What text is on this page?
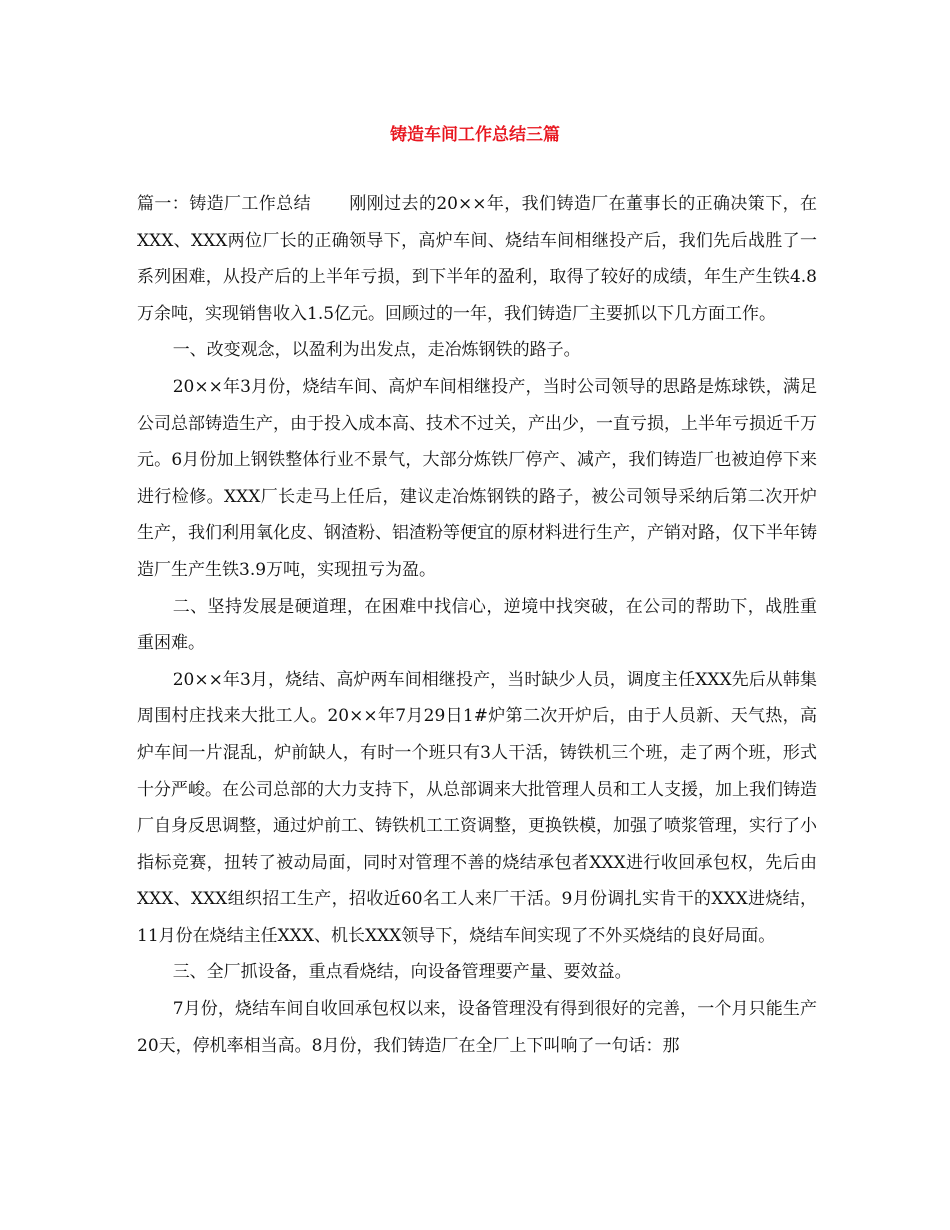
铸造车间工作总结三篇

篇一：铸造厂工作总结 刚刚过去的20××年，我们铸造厂在董事长的正确决策下，在XXX、XXX两位厂长的正确领导下，高炉车间、烧结车间相继投产后，我们先后战胜了一系列困难，从投产后的上半年亏损，到下半年的盈利，取得了较好的成绩，年生产生铁4.8万余吨，实现销售收入1.5亿元。回顾过的一年，我们铸造厂主要抓以下几方面工作。

一、改变观念，以盈利为出发点，走冶炼钢铁的路子。

20××年3月份，烧结车间、高炉车间相继投产，当时公司领导的思路是炼球铁，满足公司总部铸造生产，由于投入成本高、技术不过关，产出少，一直亏损，上半年亏损近千万元。6月份加上钢铁整体行业不景气，大部分炼铁厂停产、减产，我们铸造厂也被迫停下来进行检修。XXX厂长走马上任后，建议走冶炼钢铁的路子，被公司领导采纳后第二次开炉生产，我们利用氧化皮、钢渣粉、铝渣粉等便宜的原材料进行生产，产销对路，仅下半年铸造厂生产生铁3.9万吨，实现扭亏为盈。

二、坚持发展是硬道理，在困难中找信心，逆境中找突破，在公司的帮助下，战胜重重困难。

20××年3月，烧结、高炉两车间相继投产，当时缺少人员，调度主任XXX先后从韩集周围村庄找来大批工人。20××年7月29日1#炉第二次开炉后，由于人员新、天气热，高炉车间一片混乱，炉前缺人，有时一个班只有3人干活，铸铁机三个班，走了两个班，形式十分严峻。在公司总部的大力支持下，从总部调来大批管理人员和工人支援，加上我们铸造厂自身反思调整，通过炉前工、铸铁机工工资调整，更换铁模，加强了喷浆管理，实行了小指标竞赛，扭转了被动局面，同时对管理不善的烧结承包者XXX进行收回承包权，先后由XXX、XXX组织招工生产，招收近60名工人来厂干活。9月份调扎实肯干的XXX进烧结，11月份在烧结主任XXX、机长XXX领导下，烧结车间实现了不外买烧结的良好局面。

三、全厂抓设备，重点看烧结，向设备管理要产量、要效益。

7月份，烧结车间自收回承包权以来，设备管理没有得到很好的完善，一个月只能生产20天，停机率相当高。8月份，我们铸造厂在全厂上下叫响了一句话：那
